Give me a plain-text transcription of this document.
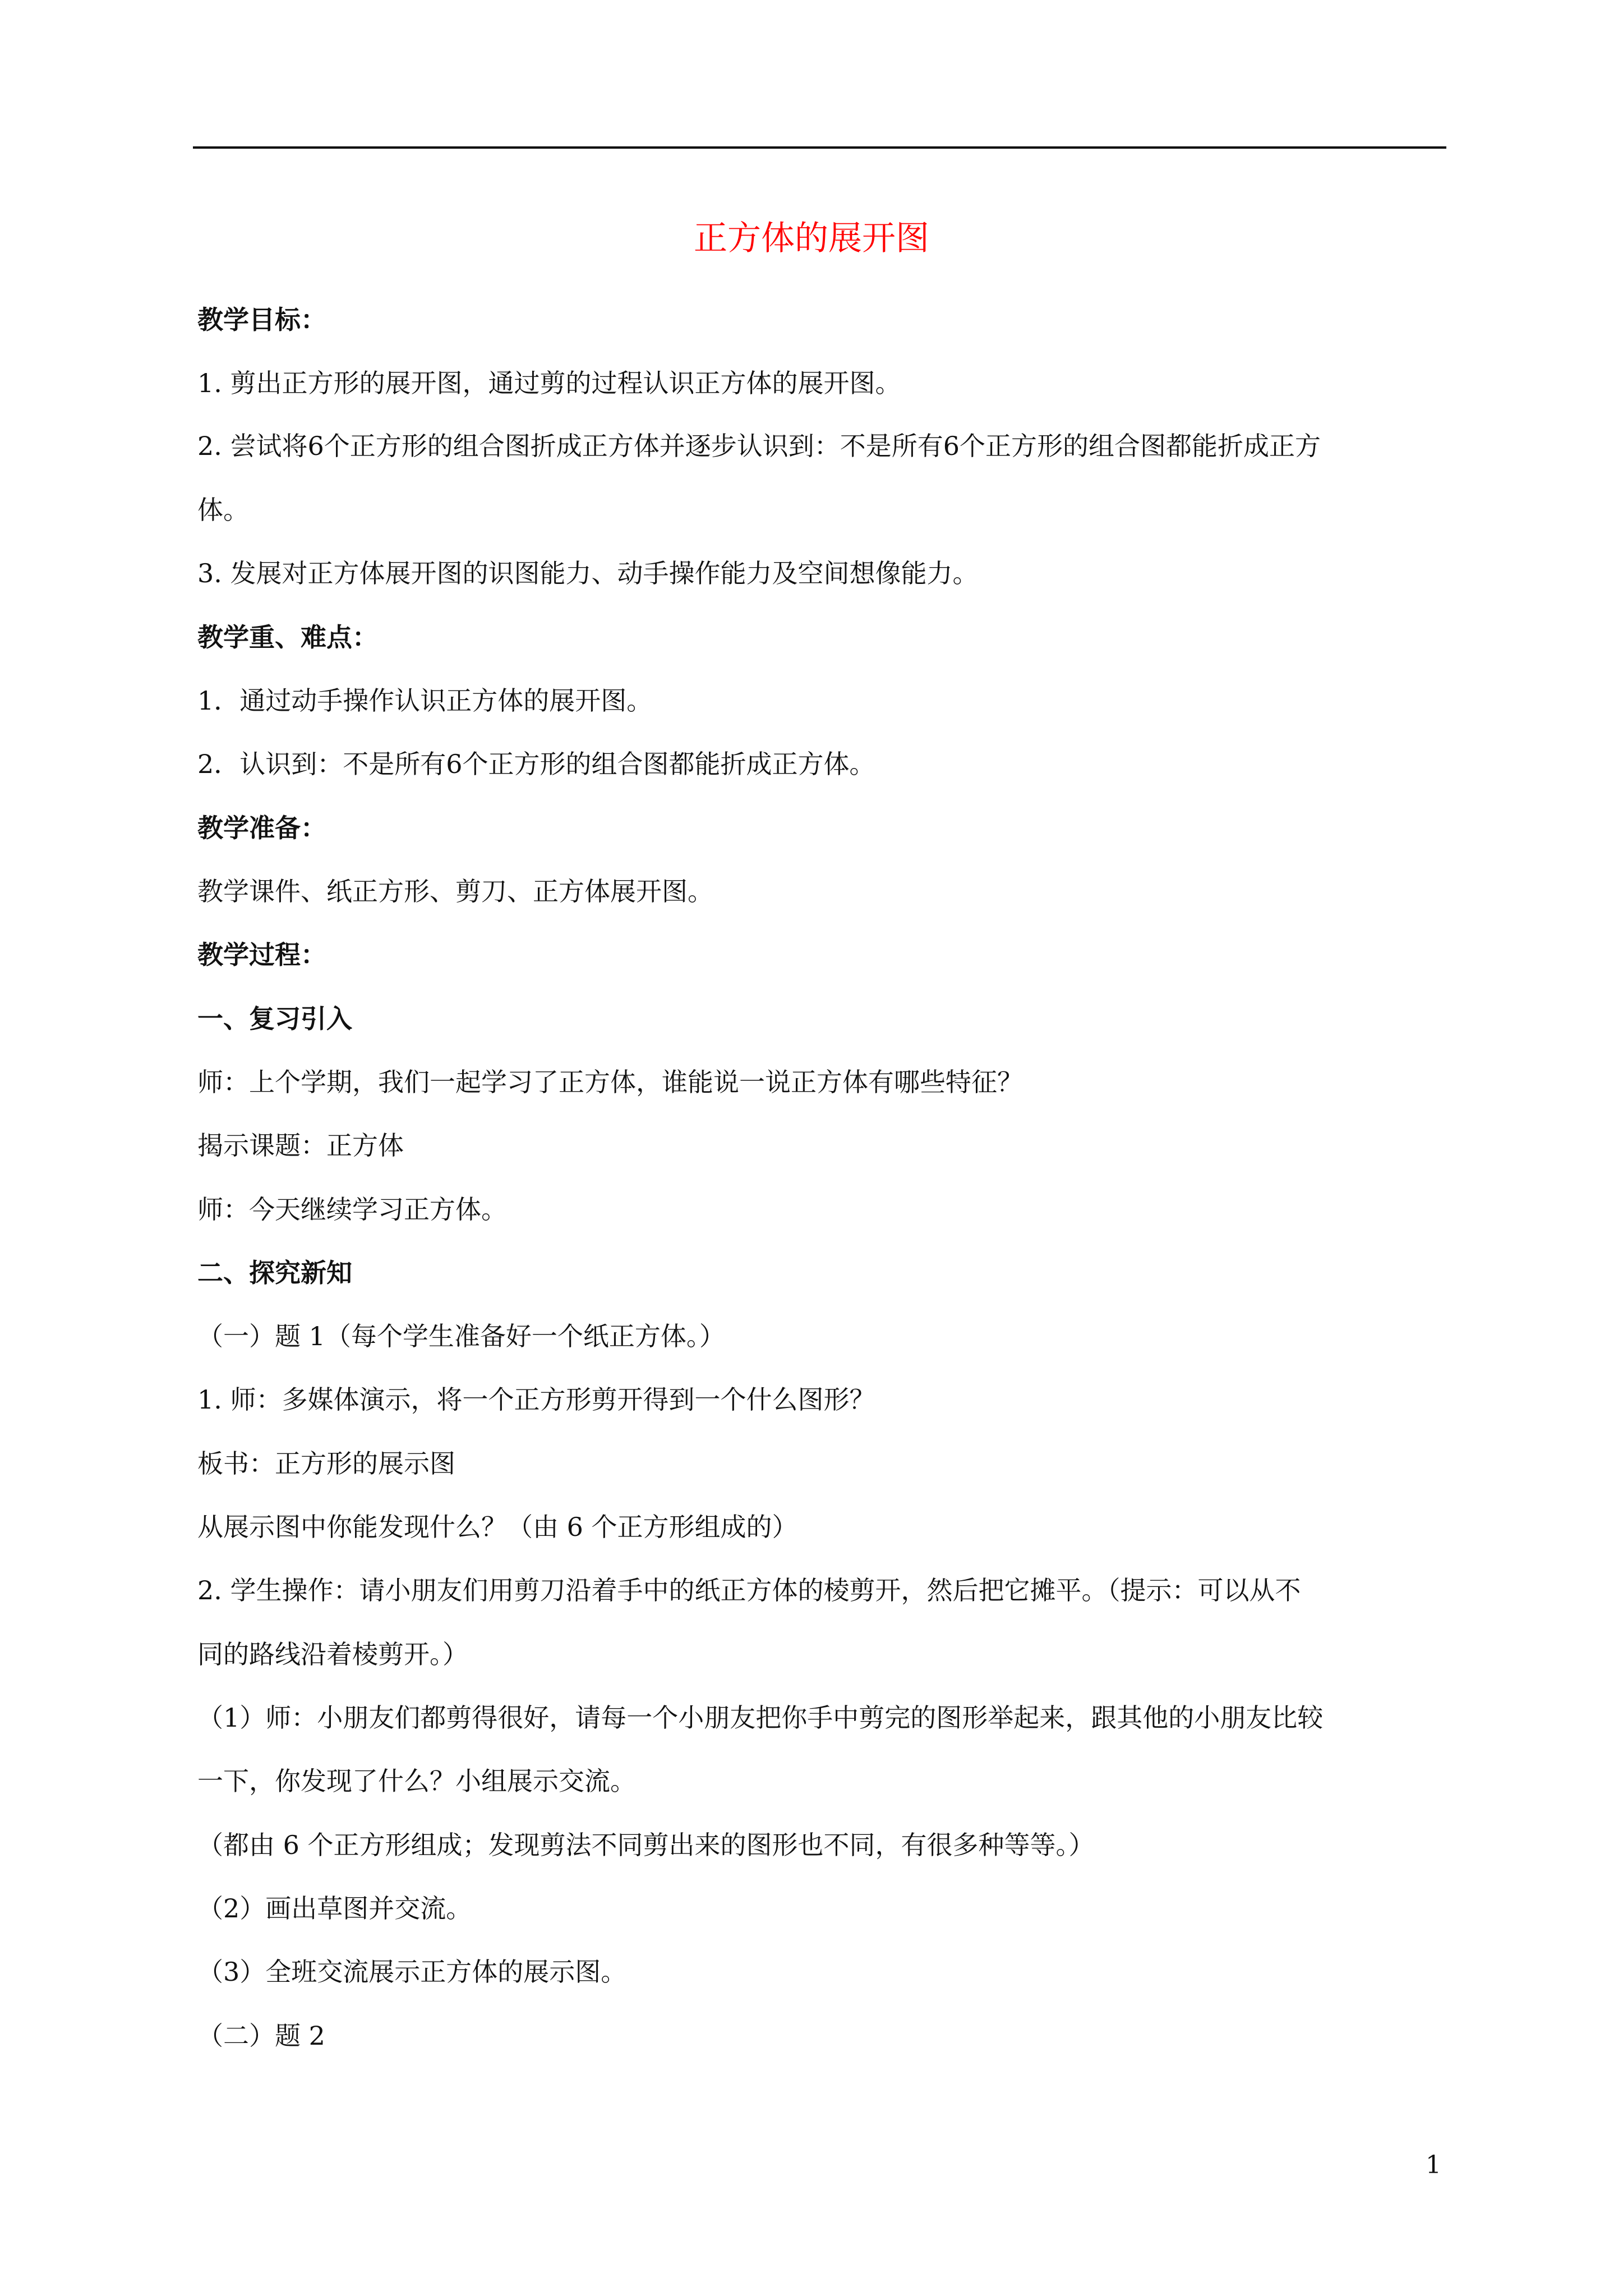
正方体的展开图
教学目标：
1. 剪出正方形的展开图，通过剪的过程认识正方体的展开图。
2. 尝试将6个正方形的组合图折成正方体并逐步认识到：不是所有6个正方形的组合图都能折成正方
体。
3. 发展对正方体展开图的识图能力、动手操作能力及空间想像能力。
教学重、难点：
1．通过动手操作认识正方体的展开图。
2．认识到：不是所有6个正方形的组合图都能折成正方体。
教学准备：
教学课件、纸正方形、剪刀、正方体展开图。
教学过程：
一、复习引入
师：上个学期，我们一起学习了正方体，谁能说一说正方体有哪些特征？
揭示课题：正方体
师：今天继续学习正方体。
二、探究新知
（一）题 1（每个学生准备好一个纸正方体。）
1. 师：多媒体演示，将一个正方形剪开得到一个什么图形？
板书：正方形的展示图
从展示图中你能发现什么？（由 6 个正方形组成的）
2. 学生操作：请小朋友们用剪刀沿着手中的纸正方体的棱剪开，然后把它摊平。（提示：可以从不
同的路线沿着棱剪开。）
（1）师：小朋友们都剪得很好，请每一个小朋友把你手中剪完的图形举起来，跟其他的小朋友比较
一下，你发现了什么？小组展示交流。
（都由 6 个正方形组成；发现剪法不同剪出来的图形也不同，有很多种等等。）
（2）画出草图并交流。
（3）全班交流展示正方体的展示图。
（二）题 2
1
